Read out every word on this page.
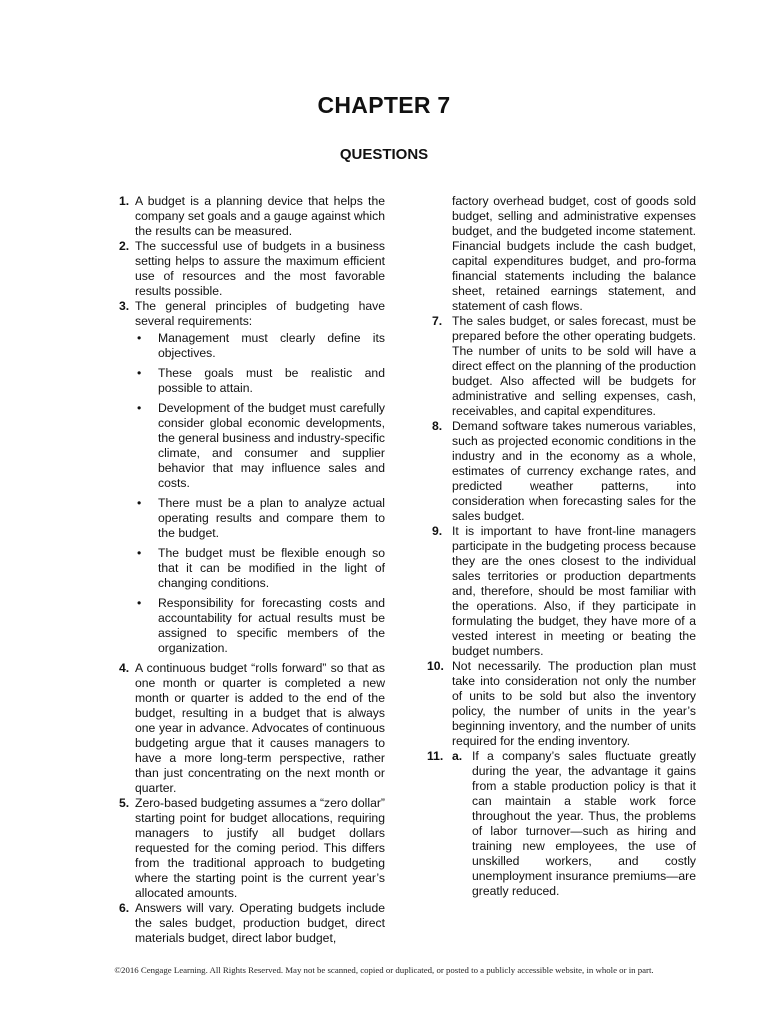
CHAPTER 7
QUESTIONS
1. A budget is a planning device that helps the company set goals and a gauge against which the results can be measured.
2. The successful use of budgets in a business setting helps to assure the maximum efficient use of resources and the most favorable results possible.
3. The general principles of budgeting have several requirements:
• Management must clearly define its objectives.
• These goals must be realistic and possible to attain.
• Development of the budget must carefully consider global economic developments, the general business and industry-specific climate, and consumer and supplier behavior that may influence sales and costs.
• There must be a plan to analyze actual operating results and compare them to the budget.
• The budget must be flexible enough so that it can be modified in the light of changing conditions.
• Responsibility for forecasting costs and accountability for actual results must be assigned to specific members of the organization.
4. A continuous budget “rolls forward” so that as one month or quarter is completed a new month or quarter is added to the end of the budget, resulting in a budget that is always one year in advance. Advocates of continuous budgeting argue that it causes managers to have a more long-term perspective, rather than just concentrating on the next month or quarter.
5. Zero-based budgeting assumes a “zero dollar” starting point for budget allocations, requiring managers to justify all budget dollars requested for the coming period. This differs from the traditional approach to budgeting where the starting point is the current year’s allocated amounts.
6. Answers will vary. Operating budgets include the sales budget, production budget, direct materials budget, direct labor budget,
factory overhead budget, cost of goods sold budget, selling and administrative expenses budget, and the budgeted income statement. Financial budgets include the cash budget, capital expenditures budget, and pro-forma financial statements including the balance sheet, retained earnings statement, and statement of cash flows.
7. The sales budget, or sales forecast, must be prepared before the other operating budgets. The number of units to be sold will have a direct effect on the planning of the production budget. Also affected will be budgets for administrative and selling expenses, cash, receivables, and capital expenditures.
8. Demand software takes numerous variables, such as projected economic conditions in the industry and in the economy as a whole, estimates of currency exchange rates, and predicted weather patterns, into consideration when forecasting sales for the sales budget.
9. It is important to have front-line managers participate in the budgeting process because they are the ones closest to the individual sales territories or production departments and, therefore, should be most familiar with the operations. Also, if they participate in formulating the budget, they have more of a vested interest in meeting or beating the budget numbers.
10. Not necessarily. The production plan must take into consideration not only the number of units to be sold but also the inventory policy, the number of units in the year’s beginning inventory, and the number of units required for the ending inventory.
11. a. If a company’s sales fluctuate greatly during the year, the advantage it gains from a stable production policy is that it can maintain a stable work force throughout the year. Thus, the problems of labor turnover—such as hiring and training new employees, the use of unskilled workers, and costly unemployment insurance premiums—are greatly reduced.
©2016 Cengage Learning. All Rights Reserved. May not be scanned, copied or duplicated, or posted to a publicly accessible website, in whole or in part.
